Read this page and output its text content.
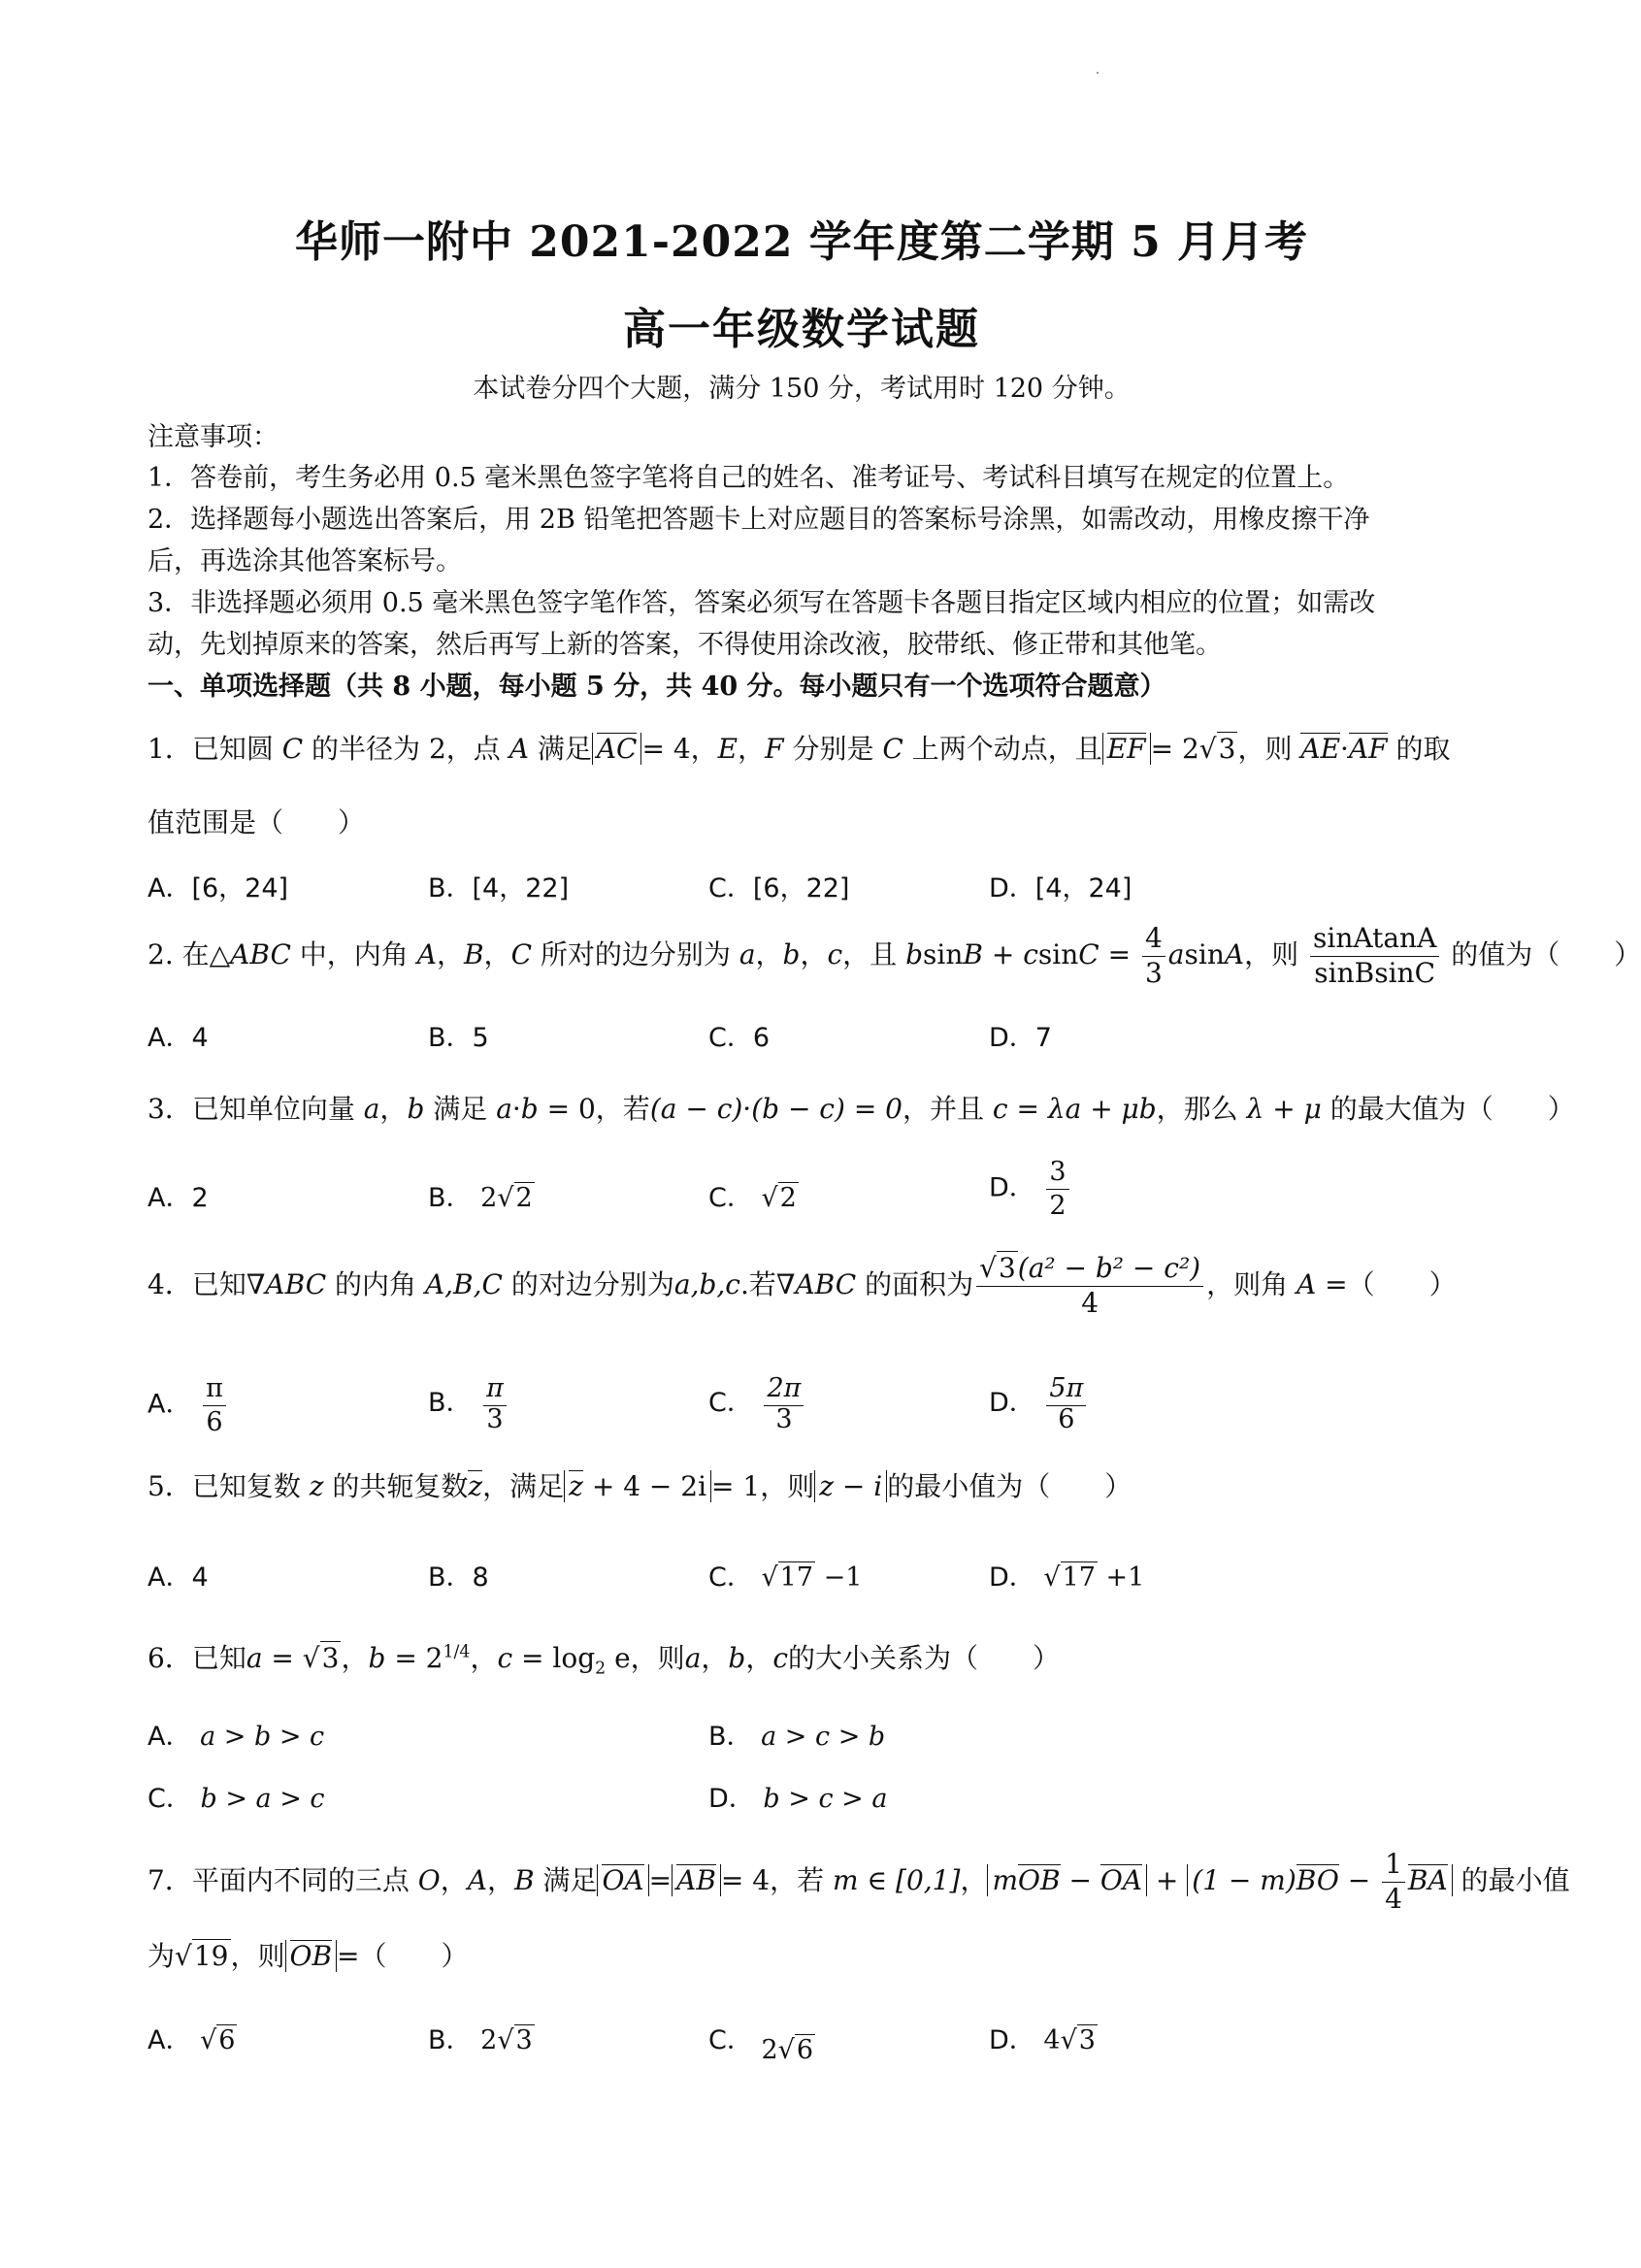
华师一附中 2021-2022 学年度第二学期 5 月月考
高一年级数学试题
本试卷分四个大题，满分 150 分，考试用时 120 分钟。
注意事项：
1．答卷前，考生务必用 0.5 毫米黑色签字笔将自己的姓名、准考证号、考试科目填写在规定的位置上。
2．选择题每小题选出答案后，用 2B 铅笔把答题卡上对应题目的答案标号涂黑，如需改动，用橡皮擦干净
后，再选涂其他答案标号。
3．非选择题必须用 0.5 毫米黑色签字笔作答，答案必须写在答题卡各题目指定区域内相应的位置；如需改
动，先划掉原来的答案，然后再写上新的答案，不得使用涂改液，胶带纸、修正带和其他笔。
一、单项选择题（共 8 小题，每小题 5 分，共 40 分。每小题只有一个选项符合题意）
1．已知圆 C 的半径为 2，点 A 满足 AC = 4，E，F 分别是 C 上两个动点，且 EF = 2√3，则 AE·AF 的取
值范围是（　　）
A．[6，24]	B．[4，22]	C．[6，22]	D．[4，24]
2. 在△ABC 中，内角 A，B，C 所对的边分别为 a，b，c，且 $bsinB + csinC = \frac{4}{3}$ asinA，则 $\frac{\text{sinAtanA}}{\text{sinBsinC}}$ 的值为（　　）
A．4	B．5	C．6	D．7
3．已知单位向量 a，b 满足 a·b = 0，若(a − c)·(b − c) = 0，并且 c = λa + μb，那么 λ + μ 的最大值为（　　）
A．2	B． 2√2	C． √2	D． $\frac{3}{2}$
4．已知∇ABC 的内角 A,B,C 的对边分别为a,b,c.若∇ABC 的面积为 $\frac{\text{√3(a² − b² − c²)}}{4}$ ，则角 A =（　　）
A． $\frac{\pi}{6}$	B． $\frac{\pi}{3}$	C． $\frac{2\pi}{3}$	D． $\frac{5\pi}{6}$
5．已知复数 z 的共轭复数z，满足 z + 4 − 2i = 1，则 z − i 的最小值为（　　）
A．4	B．8	C． √17 −1	D． √17 +1
6．已知a = √3，$b = 2^{1/4}$，$c = \log_2 e$，则a，b，c的大小关系为（　　）
A． a > b > c	B． a > c > b
C． b > a > c	D． b > c > a
7．平面内不同的三点 O，A，B 满足 OA = AB = 4，若 m ∈ [0,1]， mOB − OA + $(1 - m)BO - \frac{1}{4}$ BA 的最小值
为√19，则 OB =（　　）
A． √6	B． 2√3	C． 2√6	D． 4√3
